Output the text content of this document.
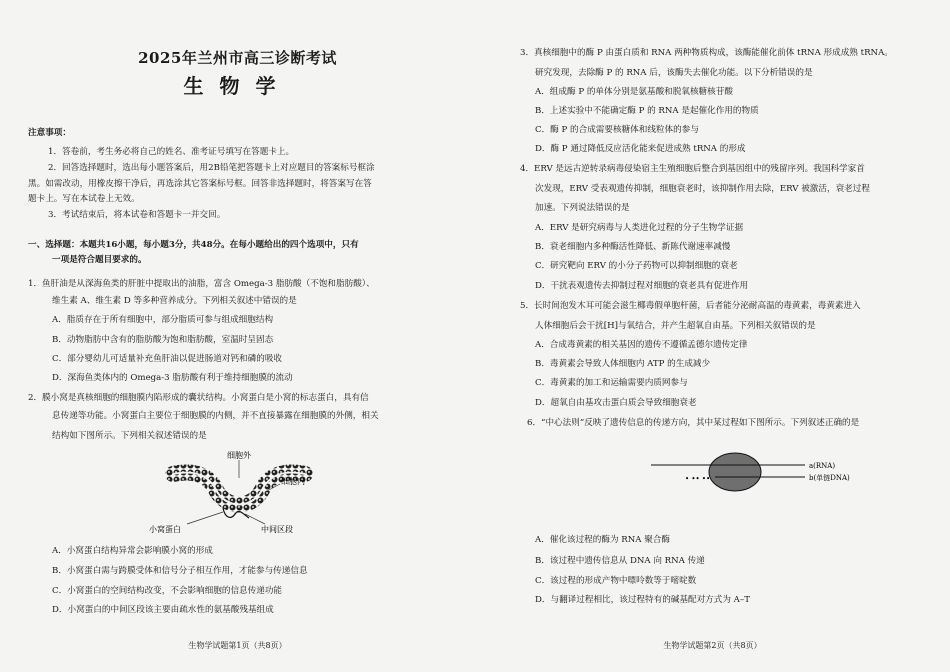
2025年兰州市高三诊断考试
生物学
注意事项：
1．答卷前，考生务必将自己的姓名、准考证号填写在答题卡上。
2．回答选择题时，选出每小题答案后，用2B铅笔把答题卡上对应题目的答案标号框涂
黑。如需改动，用橡皮擦干净后，再选涂其它答案标号框。回答非选择题时，将答案写在答
题卡上。写在本试卷上无效。
3．考试结束后，将本试卷和答题卡一并交回。
一、选择题：本题共16小题，每小题3分，共48分。在每小题给出的四个选项中，只有
一项是符合题目要求的。
1．鱼肝油是从深海鱼类的肝脏中提取出的油脂，富含 Omega-3 脂肪酸（不饱和脂肪酸）、
维生素 A、维生素 D 等多种营养成分。下列相关叙述中错误的是
A．脂质存在于所有细胞中，部分脂质可参与组成细胞结构
B．动物脂肪中含有的脂肪酸为饱和脂肪酸，室温时呈固态
C．部分婴幼儿可适量补充鱼肝油以促进肠道对钙和磷的吸收
D．深海鱼类体内的 Omega-3 脂肪酸有利于维持细胞膜的流动
2．膜小窝是真核细胞的细胞膜内陷形成的囊状结构。小窝蛋白是小窝的标志蛋白，具有信
息传递等功能。小窝蛋白主要位于细胞膜的内侧，并不直接暴露在细胞膜的外侧，相关
结构如下图所示。下列相关叙述错误的是
细胞外
细胞内
小窝蛋白	中间区段
A．小窝蛋白结构异常会影响膜小窝的形成
B．小窝蛋白需与跨膜受体和信号分子相互作用，才能参与传递信息
C．小窝蛋白的空间结构改变，不会影响细胞的信息传递功能
D．小窝蛋白的中间区段该主要由疏水性的氨基酸残基组成
生物学试题第1页（共8页）
3．真核细胞中的酶 P 由蛋白质和 RNA 两种物质构成，该酶能催化前体 tRNA 形成成熟 tRNA。
研究发现，去除酶 P 的 RNA 后，该酶失去催化功能。以下分析错误的是
A．组成酶 P 的单体分别是氨基酸和脱氧核糖核苷酸
B．上述实验中不能确定酶 P 的 RNA 是起催化作用的物质
C．酶 P 的合成需要核糖体和线粒体的参与
D．酶 P 通过降低反应活化能来促进成熟 tRNA 的形成
4．ERV 是远古逆转录病毒侵染宿主生殖细胞后整合到基因组中的残留序列。我国科学家首
次发现，ERV 受表观遗传抑制，细胞衰老时，该抑制作用去除，ERV 被激活，衰老过程
加速。下列说法错误的是
A．ERV 是研究病毒与人类进化过程的分子生物学证据
B．衰老细胞内多种酶活性降低、新陈代谢速率减慢
C．研究靶向 ERV 的小分子药物可以抑制细胞的衰老
D．干扰表观遗传去抑制过程对细胞的衰老具有促进作用
5．长时间泡发木耳可能会滋生椰毒假单胞杆菌，后者能分泌耐高温的毒黄素，毒黄素进入
人体细胞后会干扰[H]与氧结合，并产生超氧自由基。下列相关叙错误的是
A．合成毒黄素的相关基因的遗传不遵循孟德尔遗传定律
B．毒黄素会导致人体细胞内 ATP 的生成减少
C．毒黄素的加工和运输需要内质网参与
D．超氧自由基攻击蛋白质会导致细胞衰老
6．“中心法则”反映了遗传信息的传递方向，其中某过程如下图所示。下列叙述正确的是
• •• ••
a(RNA)
b(单链DNA)
A．催化该过程的酶为 RNA 聚合酶
B．该过程中遗传信息从 DNA 向 RNA 传递
C．该过程的形成产物中嘌呤数等于嘧啶数
D．与翻译过程相比，该过程特有的碱基配对方式为 A–T
生物学试题第2页（共8页）
